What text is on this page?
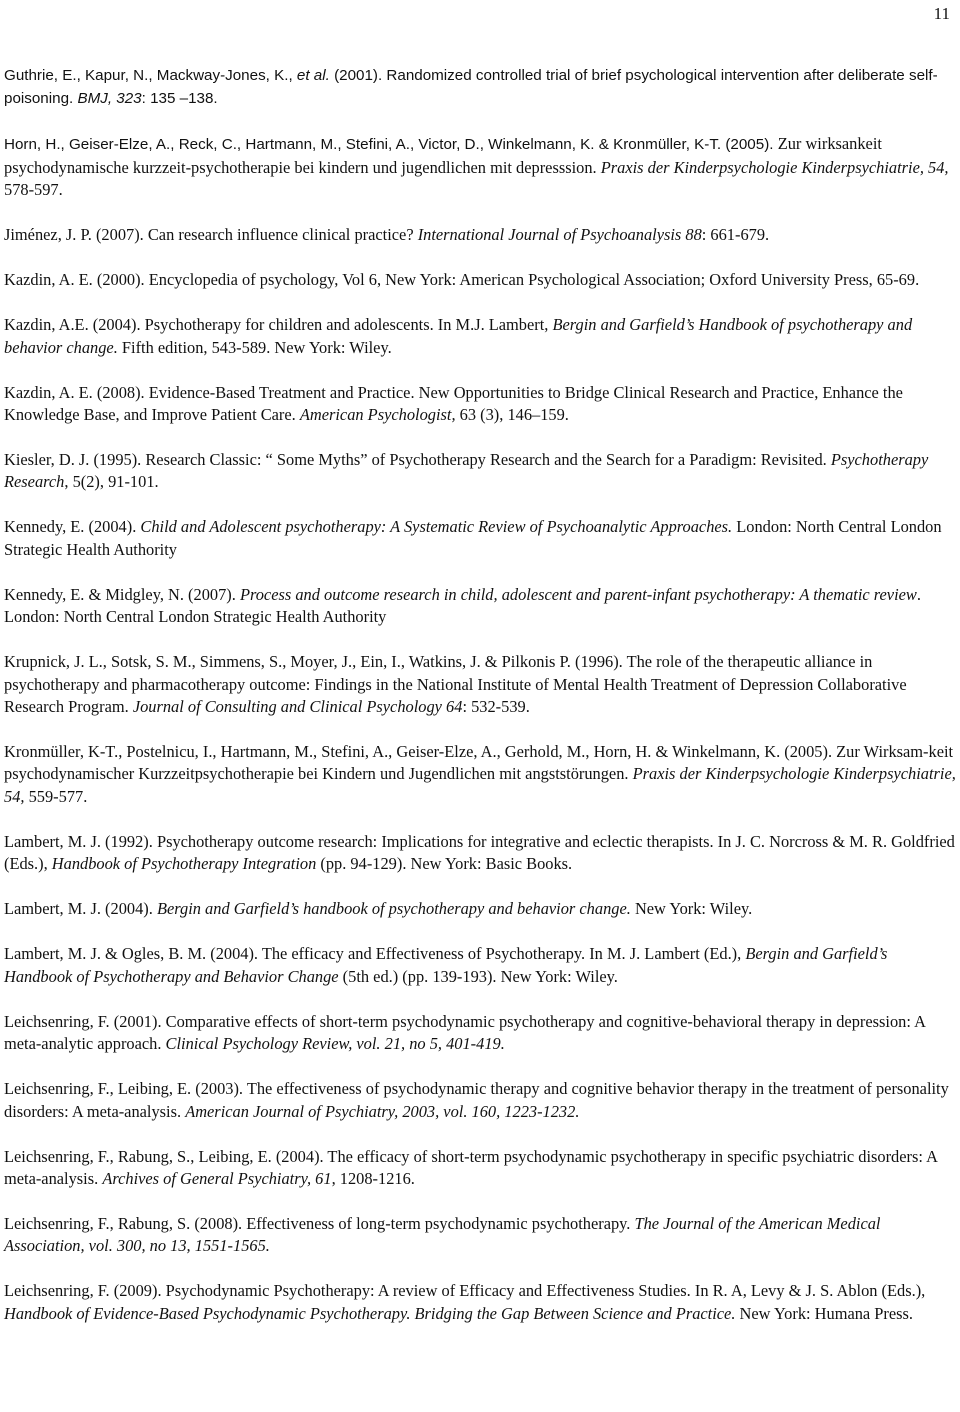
11

Guthrie, E., Kapur, N., Mackway-Jones, K., et al. (2001). Randomized controlled trial of brief psychological intervention after deliberate self-poisoning. BMJ, 323: 135 –138.

Horn, H., Geiser-Elze, A., Reck, C., Hartmann, M., Stefini, A., Victor, D., Winkelmann, K. & Kronmüller, K-T. (2005). Zur wirksankeit psychodynamische kurzzeit-psychotherapie bei kindern und jugendlichen mit depresssion. Praxis der Kinderpsychologie Kinderpsychiatrie, 54, 578-597.

Jiménez, J. P. (2007). Can research influence clinical practice? International Journal of Psychoanalysis 88: 661-679.

Kazdin, A. E. (2000). Encyclopedia of psychology, Vol 6, New York: American Psychological Association; Oxford University Press, 65-69.

Kazdin, A.E. (2004). Psychotherapy for children and adolescents. In M.J. Lambert, Bergin and Garfield’s Handbook of psychotherapy and behavior change. Fifth edition, 543-589. New York: Wiley.

Kazdin, A. E. (2008). Evidence-Based Treatment and Practice. New Opportunities to Bridge Clinical Research and Practice, Enhance the Knowledge Base, and Improve Patient Care. American Psychologist, 63 (3), 146–159.

Kiesler, D. J. (1995). Research Classic: “ Some Myths” of Psychotherapy Research and the Search for a Paradigm: Revisited. Psychotherapy Research, 5(2), 91-101.

Kennedy, E. (2004). Child and Adolescent psychotherapy: A Systematic Review of Psychoanalytic Approaches. London: North Central London Strategic Health Authority

Kennedy, E. & Midgley, N. (2007). Process and outcome research in child, adolescent and parent-infant psychotherapy: A thematic review. London: North Central London Strategic Health Authority

Krupnick, J. L., Sotsk, S. M., Simmens, S., Moyer, J., Ein, I., Watkins, J. & Pilkonis P. (1996). The role of the therapeutic alliance in psychotherapy and pharmacotherapy outcome: Findings in the National Institute of Mental Health Treatment of Depression Collaborative Research Program. Journal of Consulting and Clinical Psychology 64: 532-539.

Kronmüller, K-T., Postelnicu, I., Hartmann, M., Stefini, A., Geiser-Elze, A., Gerhold, M., Horn, H. & Winkelmann, K. (2005). Zur Wirksam-keit psychodynamischer Kurzzeitpsychotherapie bei Kindern und Jugendlichen mit angststörungen. Praxis der Kinderpsychologie Kinderpsychiatrie, 54, 559-577.

Lambert, M. J. (1992). Psychotherapy outcome research: Implications for integrative and eclectic therapists. In J. C. Norcross & M. R. Goldfried (Eds.), Handbook of Psychotherapy Integration (pp. 94-129). New York: Basic Books.

Lambert, M. J. (2004). Bergin and Garfield’s handbook of psychotherapy and behavior change. New York: Wiley.

Lambert, M. J. & Ogles, B. M. (2004). The efficacy and Effectiveness of Psychotherapy. In M. J. Lambert (Ed.), Bergin and Garfield’s Handbook of Psychotherapy and Behavior Change (5th ed.) (pp. 139-193). New York: Wiley.

Leichsenring, F. (2001). Comparative effects of short-term psychodynamic psychotherapy and cognitive-behavioral therapy in depression: A meta-analytic approach. Clinical Psychology Review, vol. 21, no 5, 401-419.

Leichsenring, F., Leibing, E. (2003). The effectiveness of psychodynamic therapy and cognitive behavior therapy in the treatment of personality disorders: A meta-analysis. American Journal of Psychiatry, 2003, vol. 160, 1223-1232.

Leichsenring, F., Rabung, S., Leibing, E. (2004). The efficacy of short-term psychodynamic psychotherapy in specific psychiatric disorders: A meta-analysis. Archives of General Psychiatry, 61, 1208-1216.

Leichsenring, F., Rabung, S. (2008). Effectiveness of long-term psychodynamic psychotherapy. The Journal of the American Medical Association, vol. 300, no 13, 1551-1565.

Leichsenring, F. (2009). Psychodynamic Psychotherapy: A review of Efficacy and Effectiveness Studies. In R. A, Levy & J. S. Ablon (Eds.), Handbook of Evidence-Based Psychodynamic Psychotherapy. Bridging the Gap Between Science and Practice. New York: Humana Press.
